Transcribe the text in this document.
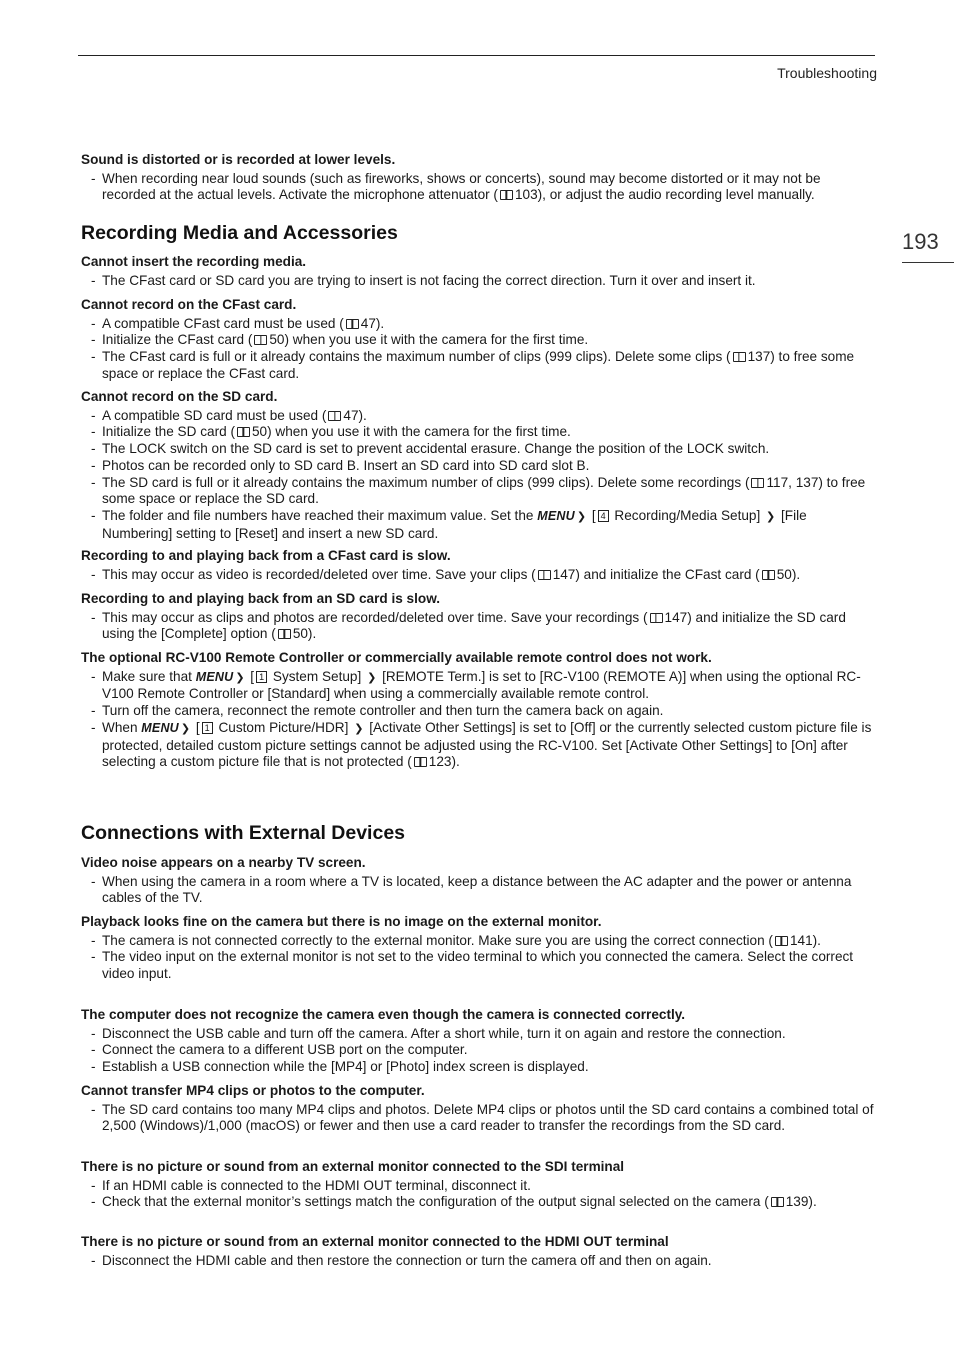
Troubleshooting
193

Sound is distorted or is recorded at lower levels.

- When recording near loud sounds (such as fireworks, shows or concerts), sound may become distorted or it may not be recorded at the actual levels. Activate the microphone attenuator ( 103), or adjust the audio recording level manually.
Recording Media and Accessories

Cannot insert the recording media.

- The CFast card or SD card you are trying to insert is not facing the correct direction. Turn it over and insert it.

Cannot record on the CFast card.

- A compatible CFast card must be used ( 47).
- Initialize the CFast card ( 50) when you use it with the camera for the first time.
- The CFast card is full or it already contains the maximum number of clips (999 clips). Delete some clips ( 137) to free some space or replace the CFast card.

Cannot record on the SD card.

- A compatible SD card must be used ( 47).
- Initialize the SD card ( 50) when you use it with the camera for the first time.
- The LOCK switch on the SD card is set to prevent accidental erasure. Change the position of the LOCK switch.
- Photos can be recorded only to SD card B. Insert an SD card into SD card slot B.
- The SD card is full or it already contains the maximum number of clips (999 clips). Delete some recordings ( 117, 137) to free some space or replace the SD card.
- The folder and file numbers have reached their maximum value. Set the MENU ❯ [ 4 Recording/Media Setup] ❯ [File Numbering] setting to [Reset] and insert a new SD card.

Recording to and playing back from a CFast card is slow.

- This may occur as video is recorded/deleted over time. Save your clips ( 147) and initialize the CFast card ( 50).

Recording to and playing back from an SD card is slow.

- This may occur as clips and photos are recorded/deleted over time. Save your recordings ( 147) and initialize the SD card using the [Complete] option ( 50).

The optional RC-V100 Remote Controller or commercially available remote control does not work.

- Make sure that MENU ❯ [ 1 System Setup] ❯ [REMOTE Term.] is set to [RC-V100 (REMOTE A)] when using the optional RC-V100 Remote Controller or [Standard] when using a commercially available remote control.
- Turn off the camera, reconnect the remote controller and then turn the camera back on again.
- When MENU ❯ [ 1 Custom Picture/HDR] ❯ [Activate Other Settings] is set to [Off] or the currently selected custom picture file is protected, detailed custom picture settings cannot be adjusted using the RC-V100. Set [Activate Other Settings] to [On] after selecting a custom picture file that is not protected ( 123).
Connections with External Devices

Video noise appears on a nearby TV screen.

- When using the camera in a room where a TV is located, keep a distance between the AC adapter and the power or antenna cables of the TV.

Playback looks fine on the camera but there is no image on the external monitor.

- The camera is not connected correctly to the external monitor. Make sure you are using the correct connection ( 141).
- The video input on the external monitor is not set to the video terminal to which you connected the camera. Select the correct video input.

The computer does not recognize the camera even though the camera is connected correctly.

- Disconnect the USB cable and turn off the camera. After a short while, turn it on again and restore the connection.
- Connect the camera to a different USB port on the computer.
- Establish a USB connection while the [MP4] or [Photo] index screen is displayed.

Cannot transfer MP4 clips or photos to the computer.

- The SD card contains too many MP4 clips and photos. Delete MP4 clips or photos until the SD card contains a combined total of 2,500 (Windows)/1,000 (macOS) or fewer and then use a card reader to transfer the recordings from the SD card.

There is no picture or sound from an external monitor connected to the SDI terminal

- If an HDMI cable is connected to the HDMI OUT terminal, disconnect it.
- Check that the external monitor’s settings match the configuration of the output signal selected on the camera ( 139).

There is no picture or sound from an external monitor connected to the HDMI OUT terminal

- Disconnect the HDMI cable and then restore the connection or turn the camera off and then on again.
